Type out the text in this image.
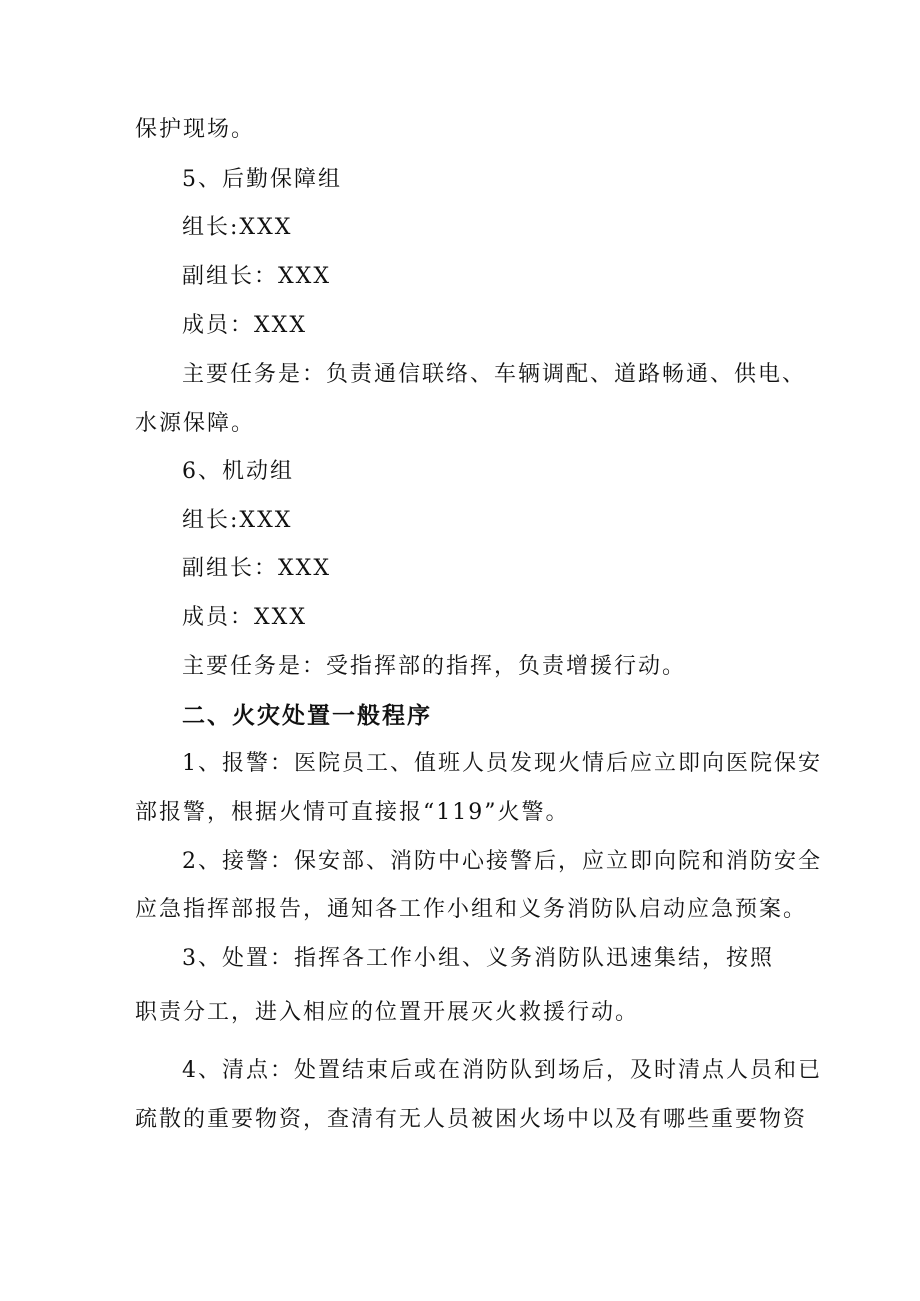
保护现场。

5、后勤保障组

组长:XXX

副组长：XXX

成员：XXX

主要任务是：负责通信联络、车辆调配、道路畅通、供电、

水源保障。

6、机动组

组长:XXX

副组长：XXX

成员：XXX

主要任务是：受指挥部的指挥，负责增援行动。

二、火灾处置一般程序

1、报警：医院员工、值班人员发现火情后应立即向医院保安

部报警，根据火情可直接报“119”火警。

2、接警：保安部、消防中心接警后，应立即向院和消防安全

应急指挥部报告，通知各工作小组和义务消防队启动应急预案。

3、处置：指挥各工作小组、义务消防队迅速集结，按照

职责分工，进入相应的位置开展灭火救援行动。

4、清点：处置结束后或在消防队到场后，及时清点人员和已

疏散的重要物资，查清有无人员被困火场中以及有哪些重要物资
